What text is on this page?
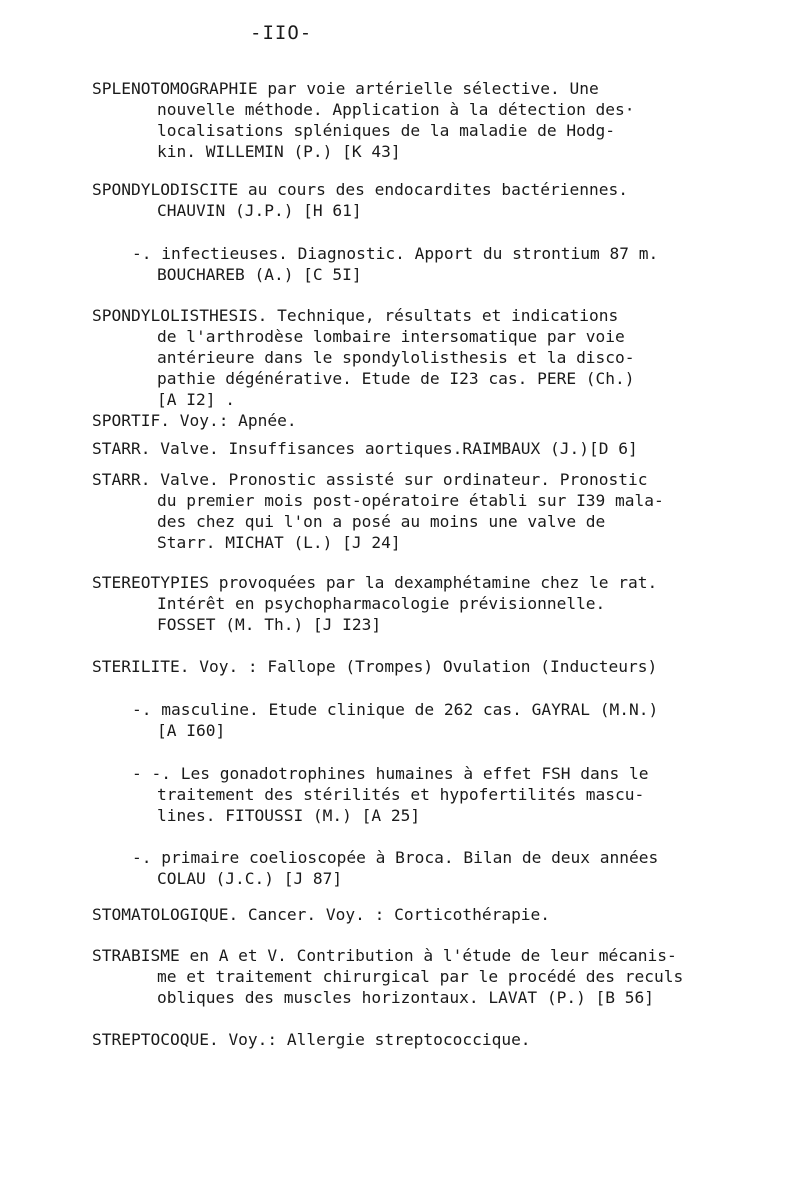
-IIO-
SPLENOTOMOGRAPHIE par voie artérielle sélective. Une
nouvelle méthode. Application à la détection des·
localisations spléniques de la maladie de Hodg-
kin. WILLEMIN (P.) [K 43]
SPONDYLODISCITE au cours des endocardites bactériennes.
CHAUVIN (J.P.) [H 61]
-. infectieuses. Diagnostic. Apport du strontium 87 m.
BOUCHAREB (A.) [C 5I]
SPONDYLOLISTHESIS. Technique, résultats et indications
de l'arthrodèse lombaire intersomatique par voie
antérieure dans le spondylolisthesis et la disco-
pathie dégénérative. Etude de I23 cas. PERE (Ch.)
[A I2] .
SPORTIF. Voy.: Apnée.
STARR. Valve. Insuffisances aortiques.RAIMBAUX (J.)[D 6]
STARR. Valve. Pronostic assisté sur ordinateur. Pronostic
du premier mois post-opératoire établi sur I39 mala-
des chez qui l'on a posé au moins une valve de
Starr. MICHAT (L.) [J 24]
STEREOTYPIES provoquées par la dexamphétamine chez le rat.
Intérêt en psychopharmacologie prévisionnelle.
FOSSET (M. Th.) [J I23]
STERILITE. Voy. : Fallope (Trompes) Ovulation (Inducteurs)
-. masculine. Etude clinique de 262 cas. GAYRAL (M.N.)
[A I60]
- -. Les gonadotrophines humaines à effet FSH dans le
traitement des stérilités et hypofertilités mascu-
lines. FITOUSSI (M.) [A 25]
-. primaire coelioscopée à Broca. Bilan de deux années
COLAU (J.C.) [J 87]
STOMATOLOGIQUE. Cancer. Voy. : Corticothérapie.
STRABISME en A et V. Contribution à l'étude de leur mécanis-
me et traitement chirurgical par le procédé des reculs
obliques des muscles horizontaux. LAVAT (P.) [B 56]
STREPTOCOQUE. Voy.: Allergie streptococcique.
